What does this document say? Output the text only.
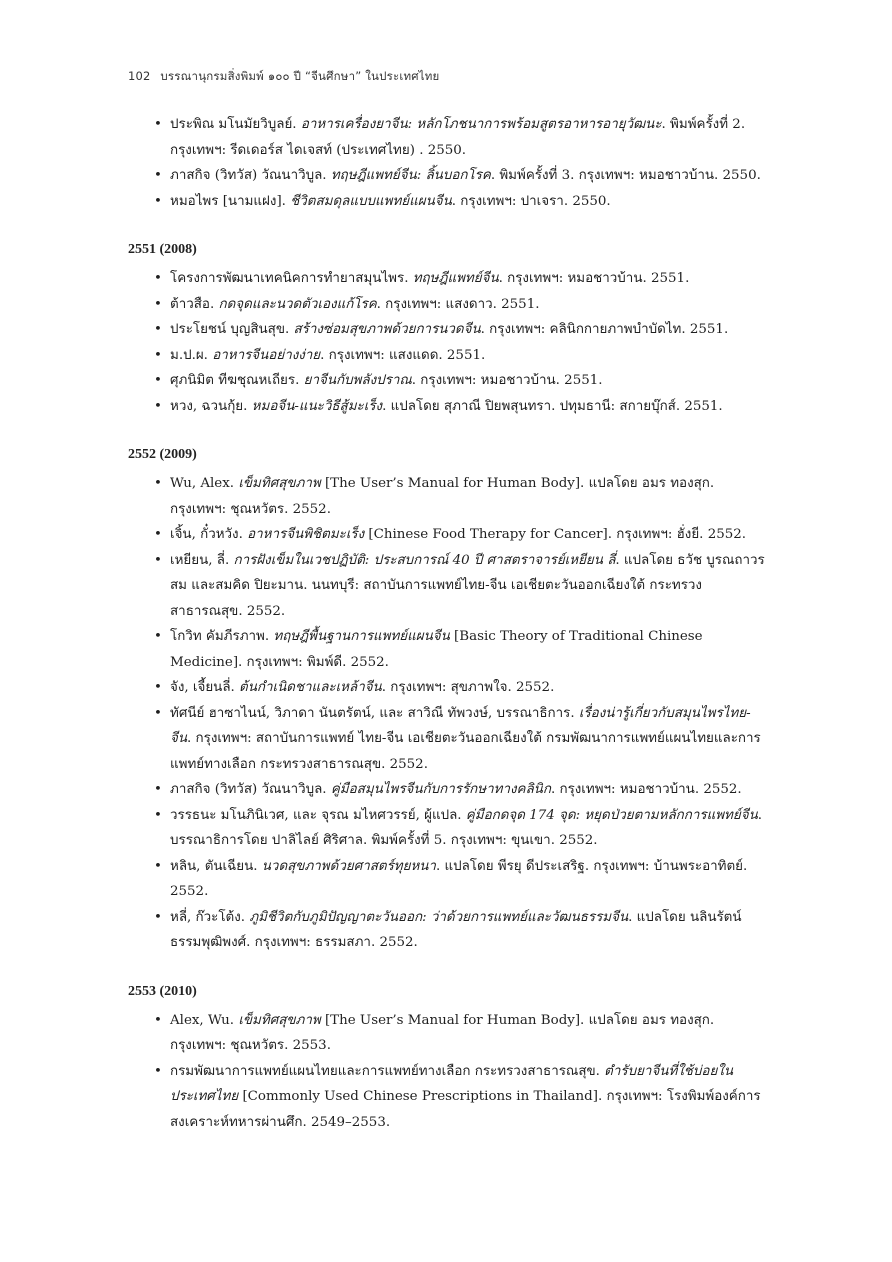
102 บรรณานุกรมสิ่งพิมพ์ ๑๐๐ ปี “จีนศึกษา” ในประเทศไทย
• ประพิณ มโนมัยวิบูลย์. อาหารเครื่องยาจีน: หลักโภชนาการพร้อมสูตรอาหารอายุวัฒนะ. พิมพ์ครั้งที่ 2. กรุงเทพฯ: รีดเดอร์ส ไดเจสท์ (ประเทศไทย) . 2550.
• ภาสกิจ (วิทวัส) วัณนาวิบูล. ทฤษฎีแพทย์จีน: ลิ้นบอกโรค. พิมพ์ครั้งที่ 3. กรุงเทพฯ: หมอชาวบ้าน. 2550.
• หมอไพร [นามแฝง]. ชีวิตสมดุลแบบแพทย์แผนจีน. กรุงเทพฯ: ปาเจรา. 2550.
2551 (2008)
• โครงการพัฒนาเทคนิคการทำยาสมุนไพร. ทฤษฎีแพทย์จีน. กรุงเทพฯ: หมอชาวบ้าน. 2551.
• ต้าวสือ. กดจุดและนวดตัวเองแก้โรค. กรุงเทพฯ: แสงดาว. 2551.
• ประโยชน์ บุญสินสุข. สร้างซ่อมสุขภาพด้วยการนวดจีน. กรุงเทพฯ: คลินิกกายภาพบำบัดไท. 2551.
• ม.ป.ผ. อาหารจีนอย่างง่าย. กรุงเทพฯ: แสงแดด. 2551.
• ศุภนิมิต ทีฆชุณหเถียร. ยาจีนกับพลังปราณ. กรุงเทพฯ: หมอชาวบ้าน. 2551.
• หวง, ฉวนกุ้ย. หมอจีน-แนะวิธีสู้มะเร็ง. แปลโดย สุภาณี ปิยพสุนทรา. ปทุมธานี: สกายบุ๊กส์. 2551.
2552 (2009)
• Wu, Alex. เข็มทิศสุขภาพ [The User’s Manual for Human Body]. แปลโดย อมร ทองสุก. กรุงเทพฯ: ชุณหวัตร. 2552.
• เจิ้น, กั๋วหวัง. อาหารจีนพิชิตมะเร็ง [Chinese Food Therapy for Cancer]. กรุงเทพฯ: ฮั่งยี. 2552.
• เหยียน, ลี่. การฝังเข็มในเวชปฏิบัติ: ประสบการณ์ 40 ปี ศาสตราจารย์เหยียน ลี่. แปลโดย ธวัช บูรณถาวรสม และสมคิด ปิยะมาน. นนทบุรี: สถาบันการแพทย์ไทย-จีน เอเชียตะวันออกเฉียงใต้ กระทรวงสาธารณสุข. 2552.
• โกวิท คัมภีรภาพ. ทฤษฎีพื้นฐานการแพทย์แผนจีน [Basic Theory of Traditional Chinese Medicine]. กรุงเทพฯ: พิมพ์ดี. 2552.
• จัง, เจี้ยนลี่. ต้นกำเนิดชาและเหล้าจีน. กรุงเทพฯ: สุขภาพใจ. 2552.
• ทัศนีย์ ฮาซาไนน์, วิภาดา นันตรัตน์, และ สาวิณี ทัพวงษ์, บรรณาธิการ. เรื่องน่ารู้เกี่ยวกับสมุนไพรไทย-จีน. กรุงเทพฯ: สถาบันการแพทย์ ไทย-จีน เอเชียตะวันออกเฉียงใต้ กรมพัฒนาการแพทย์แผนไทยและการแพทย์ทางเลือก กระทรวงสาธารณสุข. 2552.
• ภาสกิจ (วิทวัส) วัณนาวิบูล. คู่มือสมุนไพรจีนกับการรักษาทางคลินิก. กรุงเทพฯ: หมอชาวบ้าน. 2552.
• วรรธนะ มโนภินิเวศ, และ จุรณ มไหศวรรย์, ผู้แปล. คู่มือกดจุด 174 จุด: หยุดป่วยตามหลักการแพทย์จีน. บรรณาธิการโดย ปาลิไลย์ ศิริศาล. พิมพ์ครั้งที่ 5. กรุงเทพฯ: ขุนเขา. 2552.
• หลิน, ตันเฉียน. นวดสุขภาพด้วยศาสตร์ทุยหนา. แปลโดย พีรยุ ดีประเสริฐ. กรุงเทพฯ: บ้านพระอาทิตย์. 2552.
• หลี่, ก๊วะโต้ง. ภูมิชีวิตกับภูมิปัญญาตะวันออก: ว่าด้วยการแพทย์และวัฒนธรรมจีน. แปลโดย นลินรัตน์ ธรรมพุฒิพงศ์. กรุงเทพฯ: ธรรมสภา. 2552.
2553 (2010)
• Alex, Wu. เข็มทิศสุขภาพ [The User’s Manual for Human Body]. แปลโดย อมร ทองสุก. กรุงเทพฯ: ชุณหวัตร. 2553.
• กรมพัฒนาการแพทย์แผนไทยและการแพทย์ทางเลือก กระทรวงสาธารณสุข. ตำรับยาจีนที่ใช้บ่อยในประเทศไทย [Commonly Used Chinese Prescriptions in Thailand]. กรุงเทพฯ: โรงพิมพ์องค์การสงเคราะห์ทหารผ่านศึก. 2549–2553.
